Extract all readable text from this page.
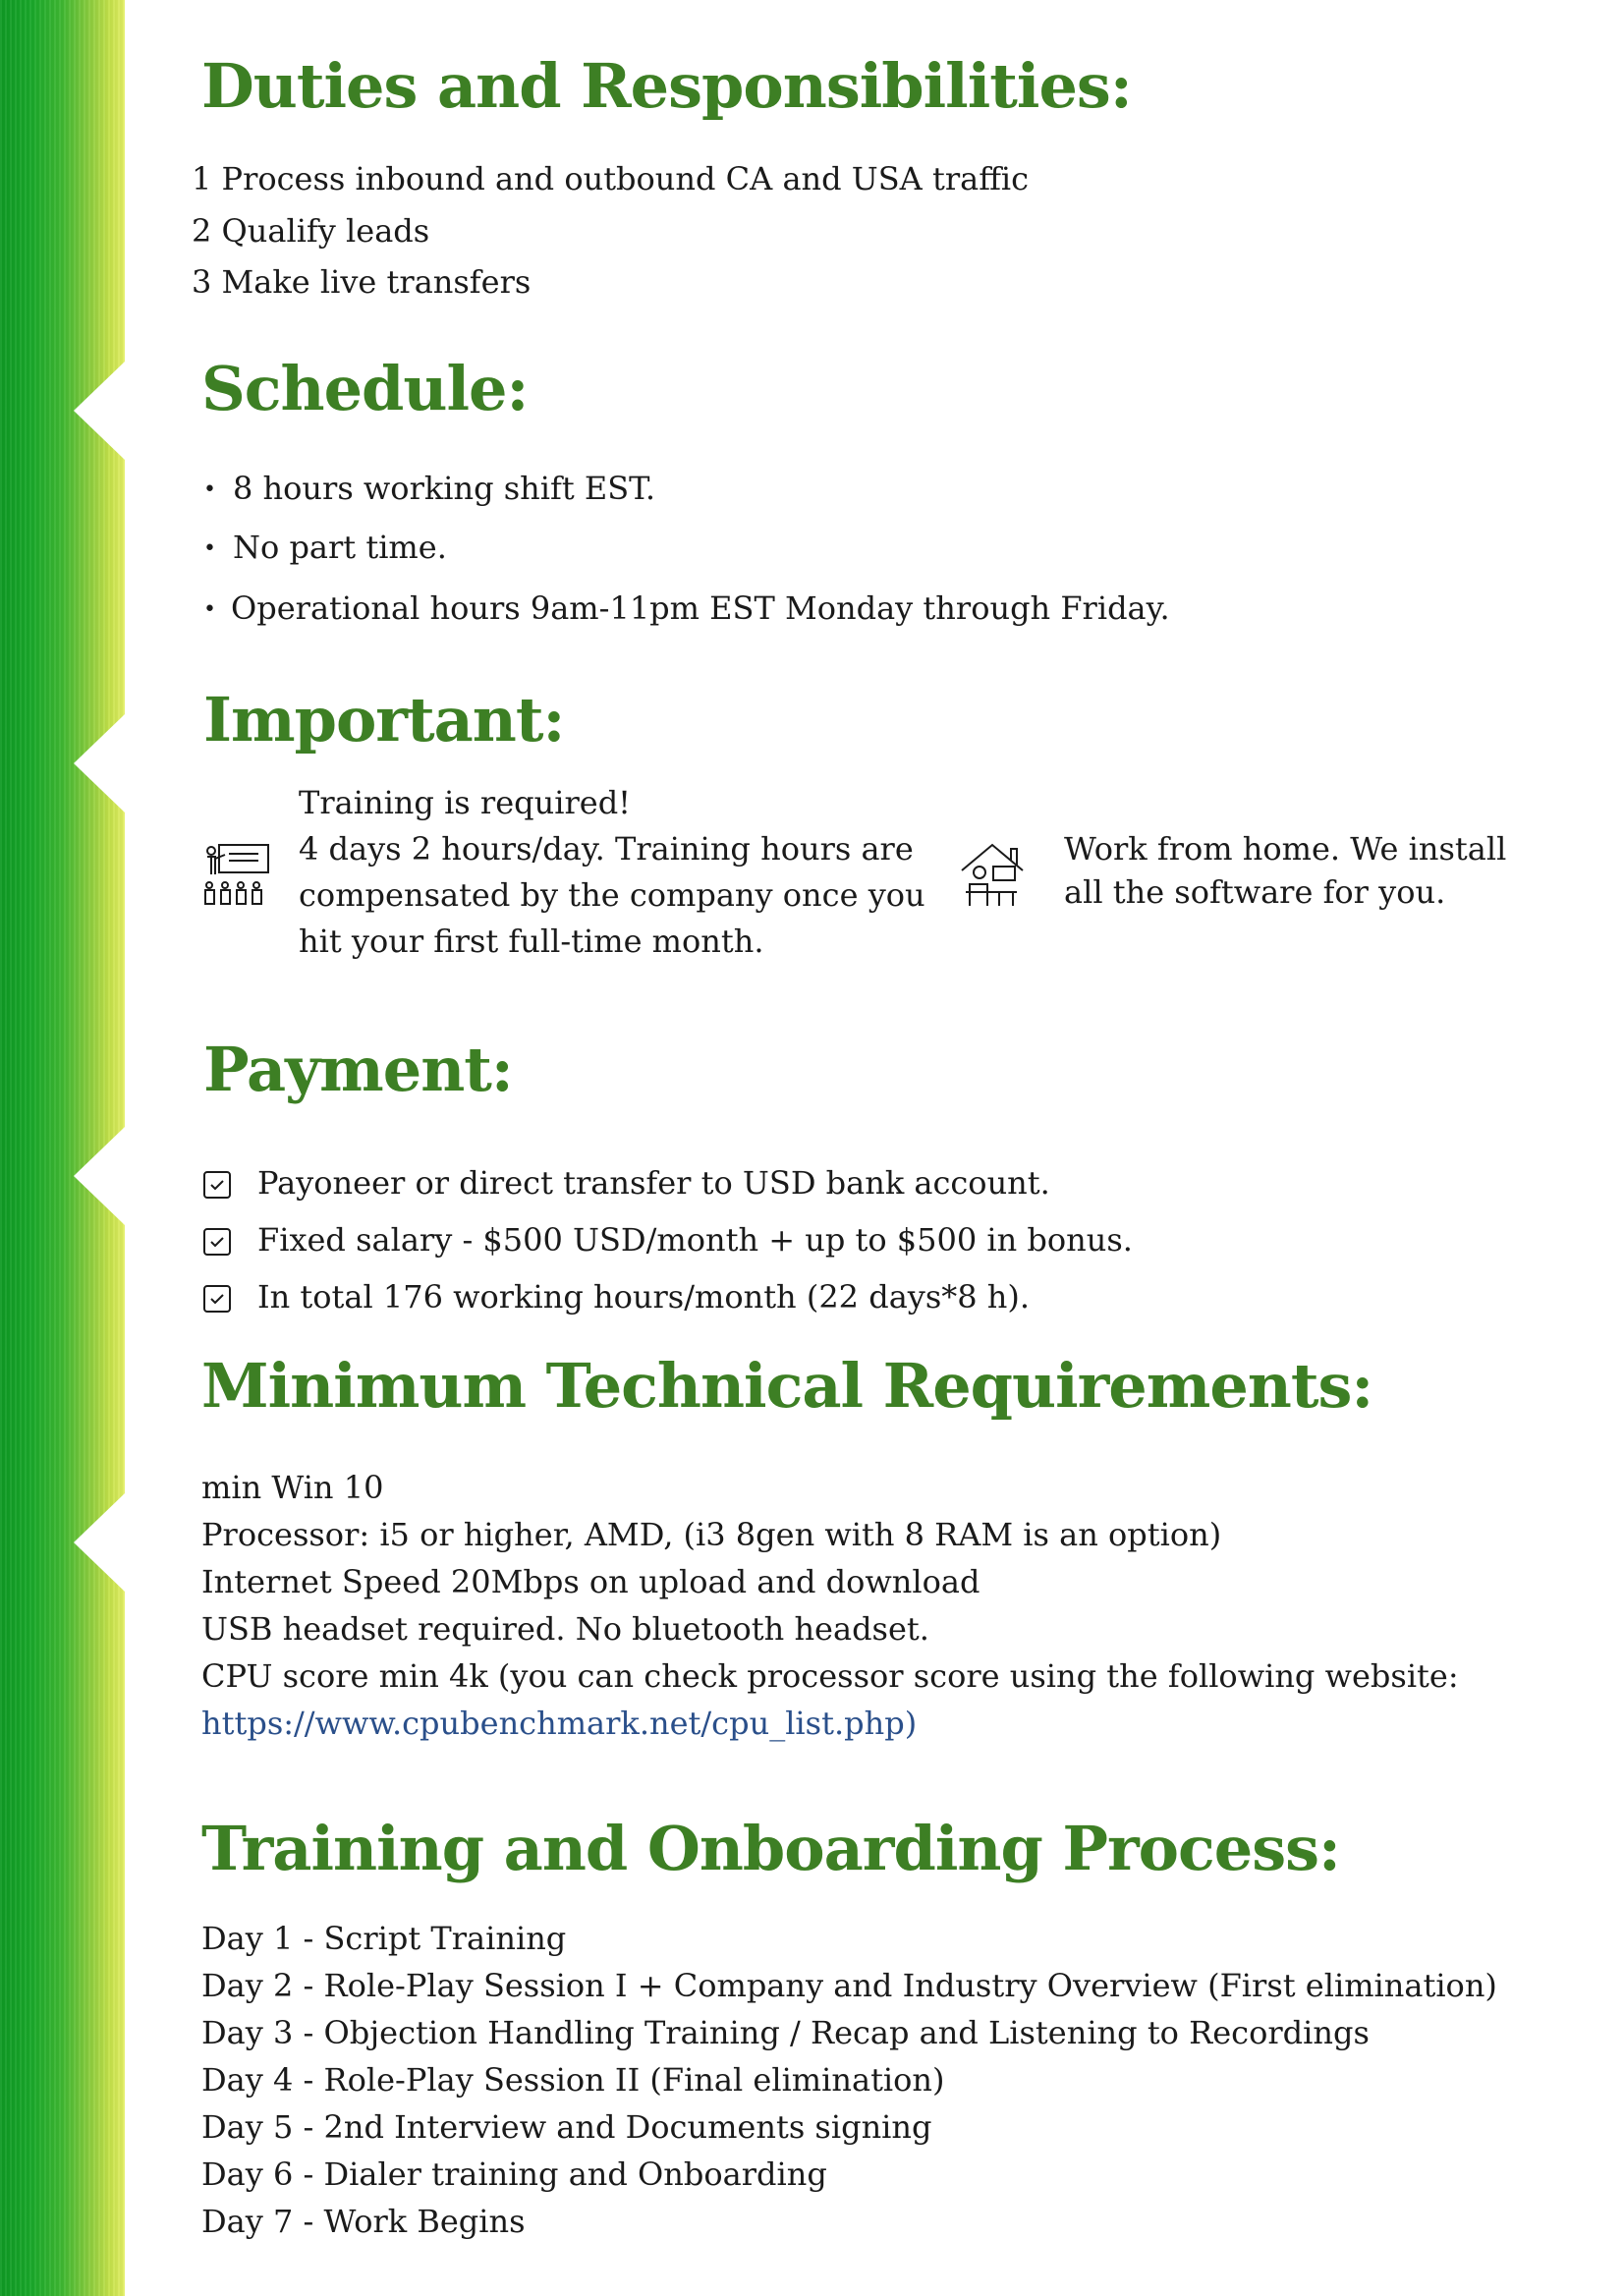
Duties and Responsibilities:

1 Process inbound and outbound CA and USA traffic

2 Qualify leads

3 Make live transfers

Schedule:
• 8 hours working shift EST.

• No part time.

• Operational hours 9am-11pm EST Monday through Friday.

Important:

Training is required!

4 days 2 hours/day. Training hours are

compensated by the company once you

hit your first full-time month.

Work from home. We install

all the software for you.

Payment:

Payoneer or direct transfer to USD bank account.

Fixed salary - $500 USD/month + up to $500 in bonus.

In total 176 working hours/month (22 days*8 h).

Minimum Technical Requirements:

min Win 10

Processor: i5 or higher, AMD, (i3 8gen with 8 RAM is an option)

Internet Speed 20Mbps on upload and download

USB headset required. No bluetooth headset.

CPU score min 4k (you can check processor score using the following website:

https://www.cpubenchmark.net/cpu_list.php)
Training and Onboarding Process:

Day 1 - Script Training

Day 2 - Role-Play Session I + Company and Industry Overview (First elimination)

Day 3 - Objection Handling Training / Recap and Listening to Recordings

Day 4 - Role-Play Session II (Final elimination)

Day 5 - 2nd Interview and Documents signing

Day 6 - Dialer training and Onboarding

Day 7 - Work Begins
